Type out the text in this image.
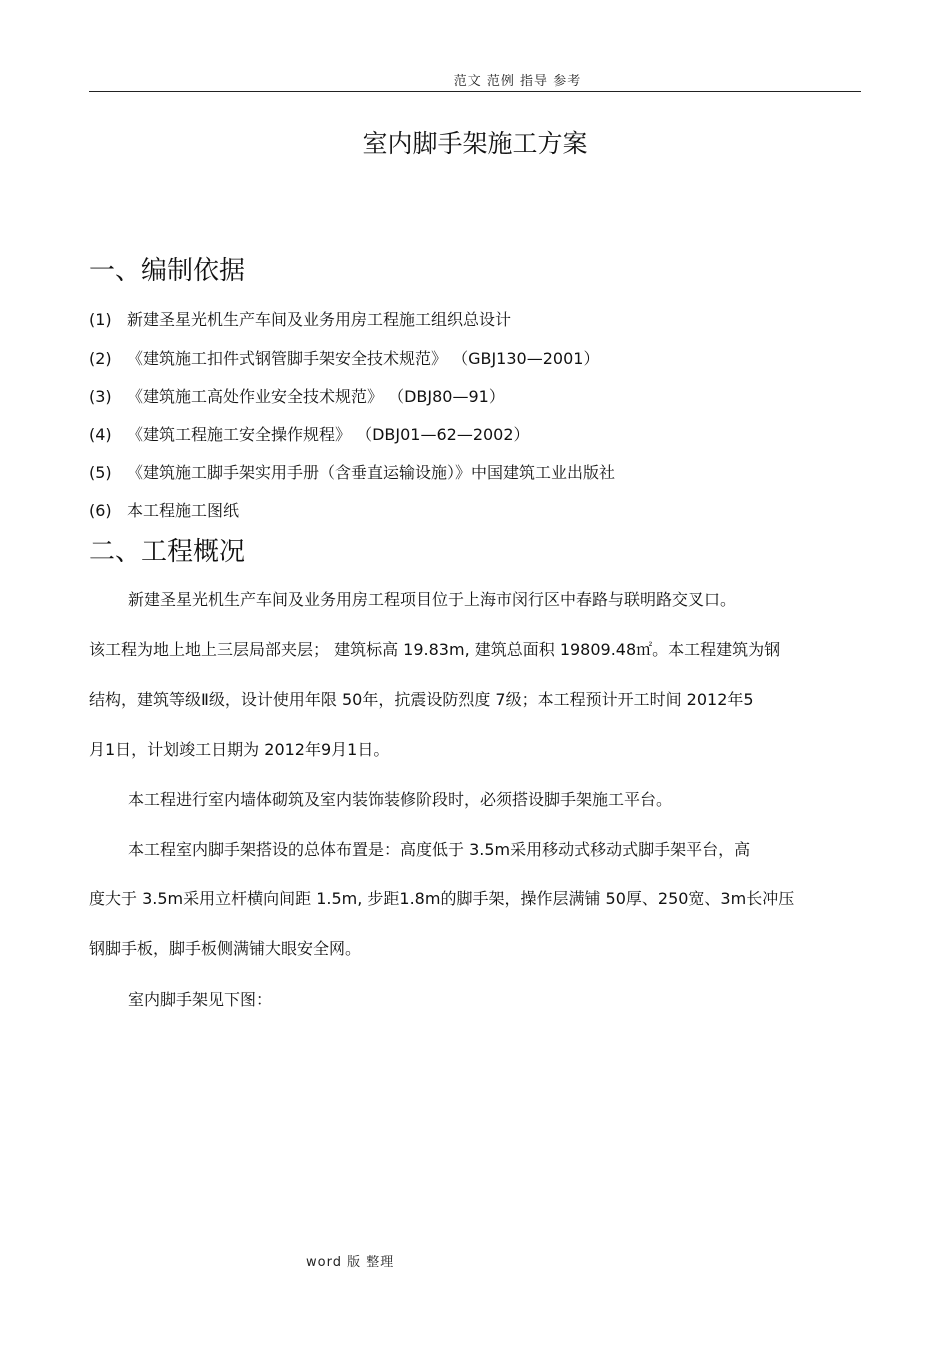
范文 范例 指导 参考
室内脚手架施工方案
一、编制依据
(1) 新建圣星光机生产车间及业务用房工程施工组织总设计
(2) 《建筑施工扣件式钢管脚手架安全技术规范》 （GBJ130—2001）
(3) 《建筑施工高处作业安全技术规范》 （DBJ80—91）
(4) 《建筑工程施工安全操作规程》 （DBJ01—62—2002）
(5) 《建筑施工脚手架实用手册（含垂直运输设施）》中国建筑工业出版社
(6) 本工程施工图纸
二、工程概况
新建圣星光机生产车间及业务用房工程项目位于上海市闵行区中春路与联明路交叉口。
该工程为地上地上三层局部夹层； 建筑标高 19.83m, 建筑总面积 19809.48㎡。本工程建筑为钢
结构，建筑等级Ⅱ级，设计使用年限 50年，抗震设防烈度 7级；本工程预计开工时间 2012年5
月1日，计划竣工日期为 2012年9月1日。
本工程进行室内墙体砌筑及室内装饰装修阶段时，必须搭设脚手架施工平台。
本工程室内脚手架搭设的总体布置是：高度低于 3.5m采用移动式移动式脚手架平台，高
度大于 3.5m采用立杆横向间距 1.5m, 步距1.8m的脚手架，操作层满铺 50厚、250宽、3m长冲压
钢脚手板，脚手板侧满铺大眼安全网。
室内脚手架见下图：
word 版 整理
